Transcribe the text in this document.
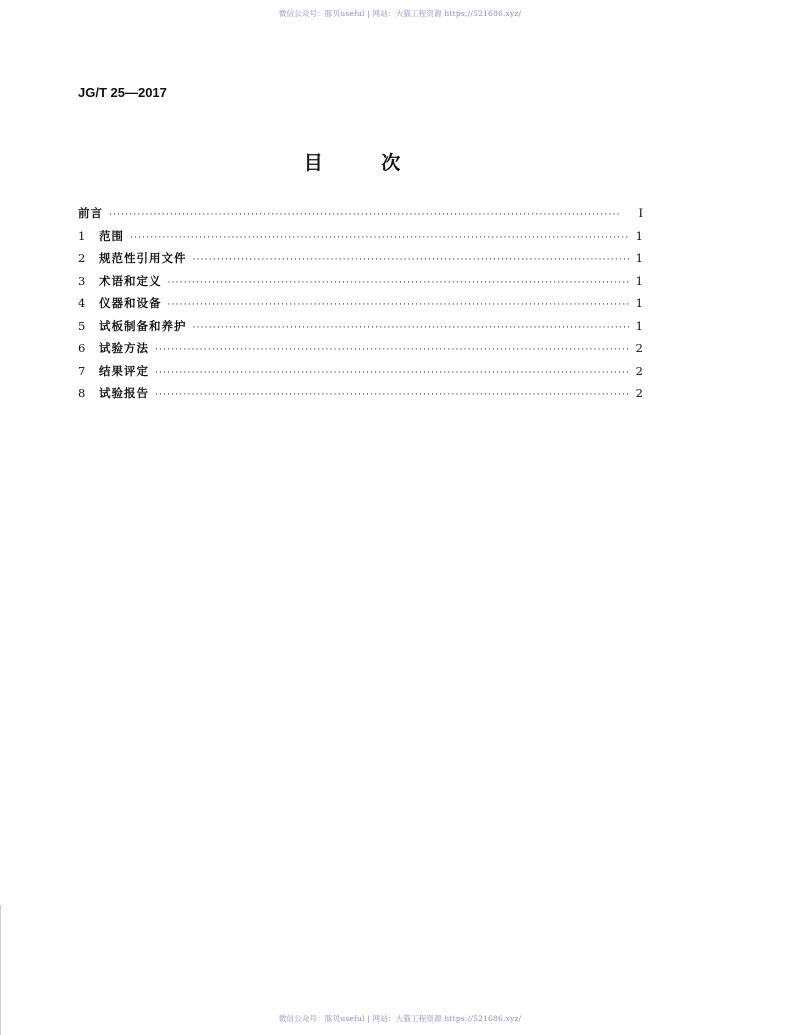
微信公众号：豚贝useful | 网站：大猫工程资源 https://521686.xyz/
JG/T 25—2017
目 次
前言 ·····	I
1	范围 ·····	1
2	规范性引用文件 ·····	1
3	术语和定义 ·····	1
4	仪器和设备 ·····	1
5	试板制备和养护 ·····	1
6	试验方法 ·····	2
7	结果评定 ·····	2
8	试验报告 ·····	2
微信公众号：豚贝useful | 网站：大猫工程资源 https://521686.xyz/
